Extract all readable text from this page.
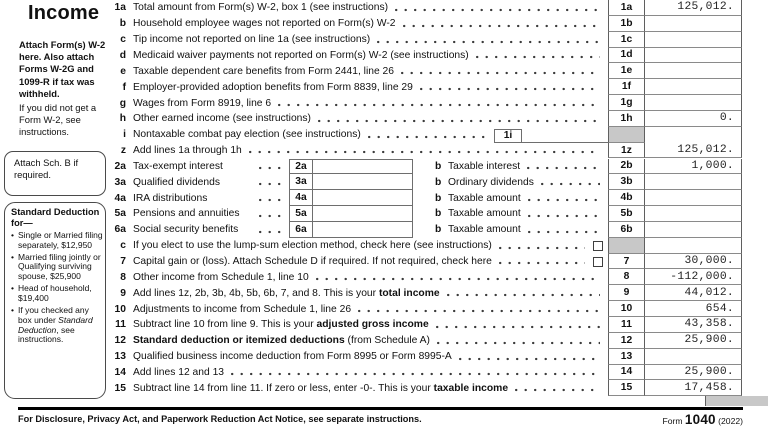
Income
Attach Form(s) W-2 here. Also attach Forms W-2G and 1099-R if tax was withheld.
If you did not get a Form W-2, see instructions.
Attach Sch. B if required.
Standard Deduction for—
• Single or Married filing separately, $12,950
• Married filing jointly or Qualifying surviving spouse, $25,900
• Head of household, $19,400
• If you checked any box under Standard Deduction, see instructions.
1a Total amount from Form(s) W-2, box 1 (see instructions)	1a	125,012.
b Household employee wages not reported on Form(s) W-2	1b
c Tip income not reported on line 1a (see instructions)	1c
d Medicaid waiver payments not reported on Form(s) W-2 (see instructions)	1d
e Taxable dependent care benefits from Form 2441, line 26	1e
f Employer-provided adoption benefits from Form 8839, line 29	1f
g Wages from Form 8919, line 6	1g
h Other earned income (see instructions)	1h	0.
i Nontaxable combat pay election (see instructions)	1i
z Add lines 1a through 1h	1z	125,012.
2a Tax-exempt interest	2a	b Taxable interest	2b	1,000.
3a Qualified dividends	3a	b Ordinary dividends	3b
4a IRA distributions	4a	b Taxable amount	4b
5a Pensions and annuities	5a	b Taxable amount	5b
6a Social security benefits	6a	b Taxable amount	6b
c If you elect to use the lump-sum election method, check here (see instructions)
7 Capital gain or (loss). Attach Schedule D if required. If not required, check here	7	30,000.
8 Other income from Schedule 1, line 10	8	-112,000.
9 Add lines 1z, 2b, 3b, 4b, 5b, 6b, 7, and 8. This is your total income	9	44,012.
10 Adjustments to income from Schedule 1, line 26	10	654.
11 Subtract line 10 from line 9. This is your adjusted gross income	11	43,358.
12 Standard deduction or itemized deductions (from Schedule A)	12	25,900.
13 Qualified business income deduction from Form 8995 or Form 8995-A	13
14 Add lines 12 and 13	14	25,900.
15 Subtract line 14 from line 11. If zero or less, enter -0-. This is your taxable income	15	17,458.
For Disclosure, Privacy Act, and Paperwork Reduction Act Notice, see separate instructions.	Form 1040 (2022)
